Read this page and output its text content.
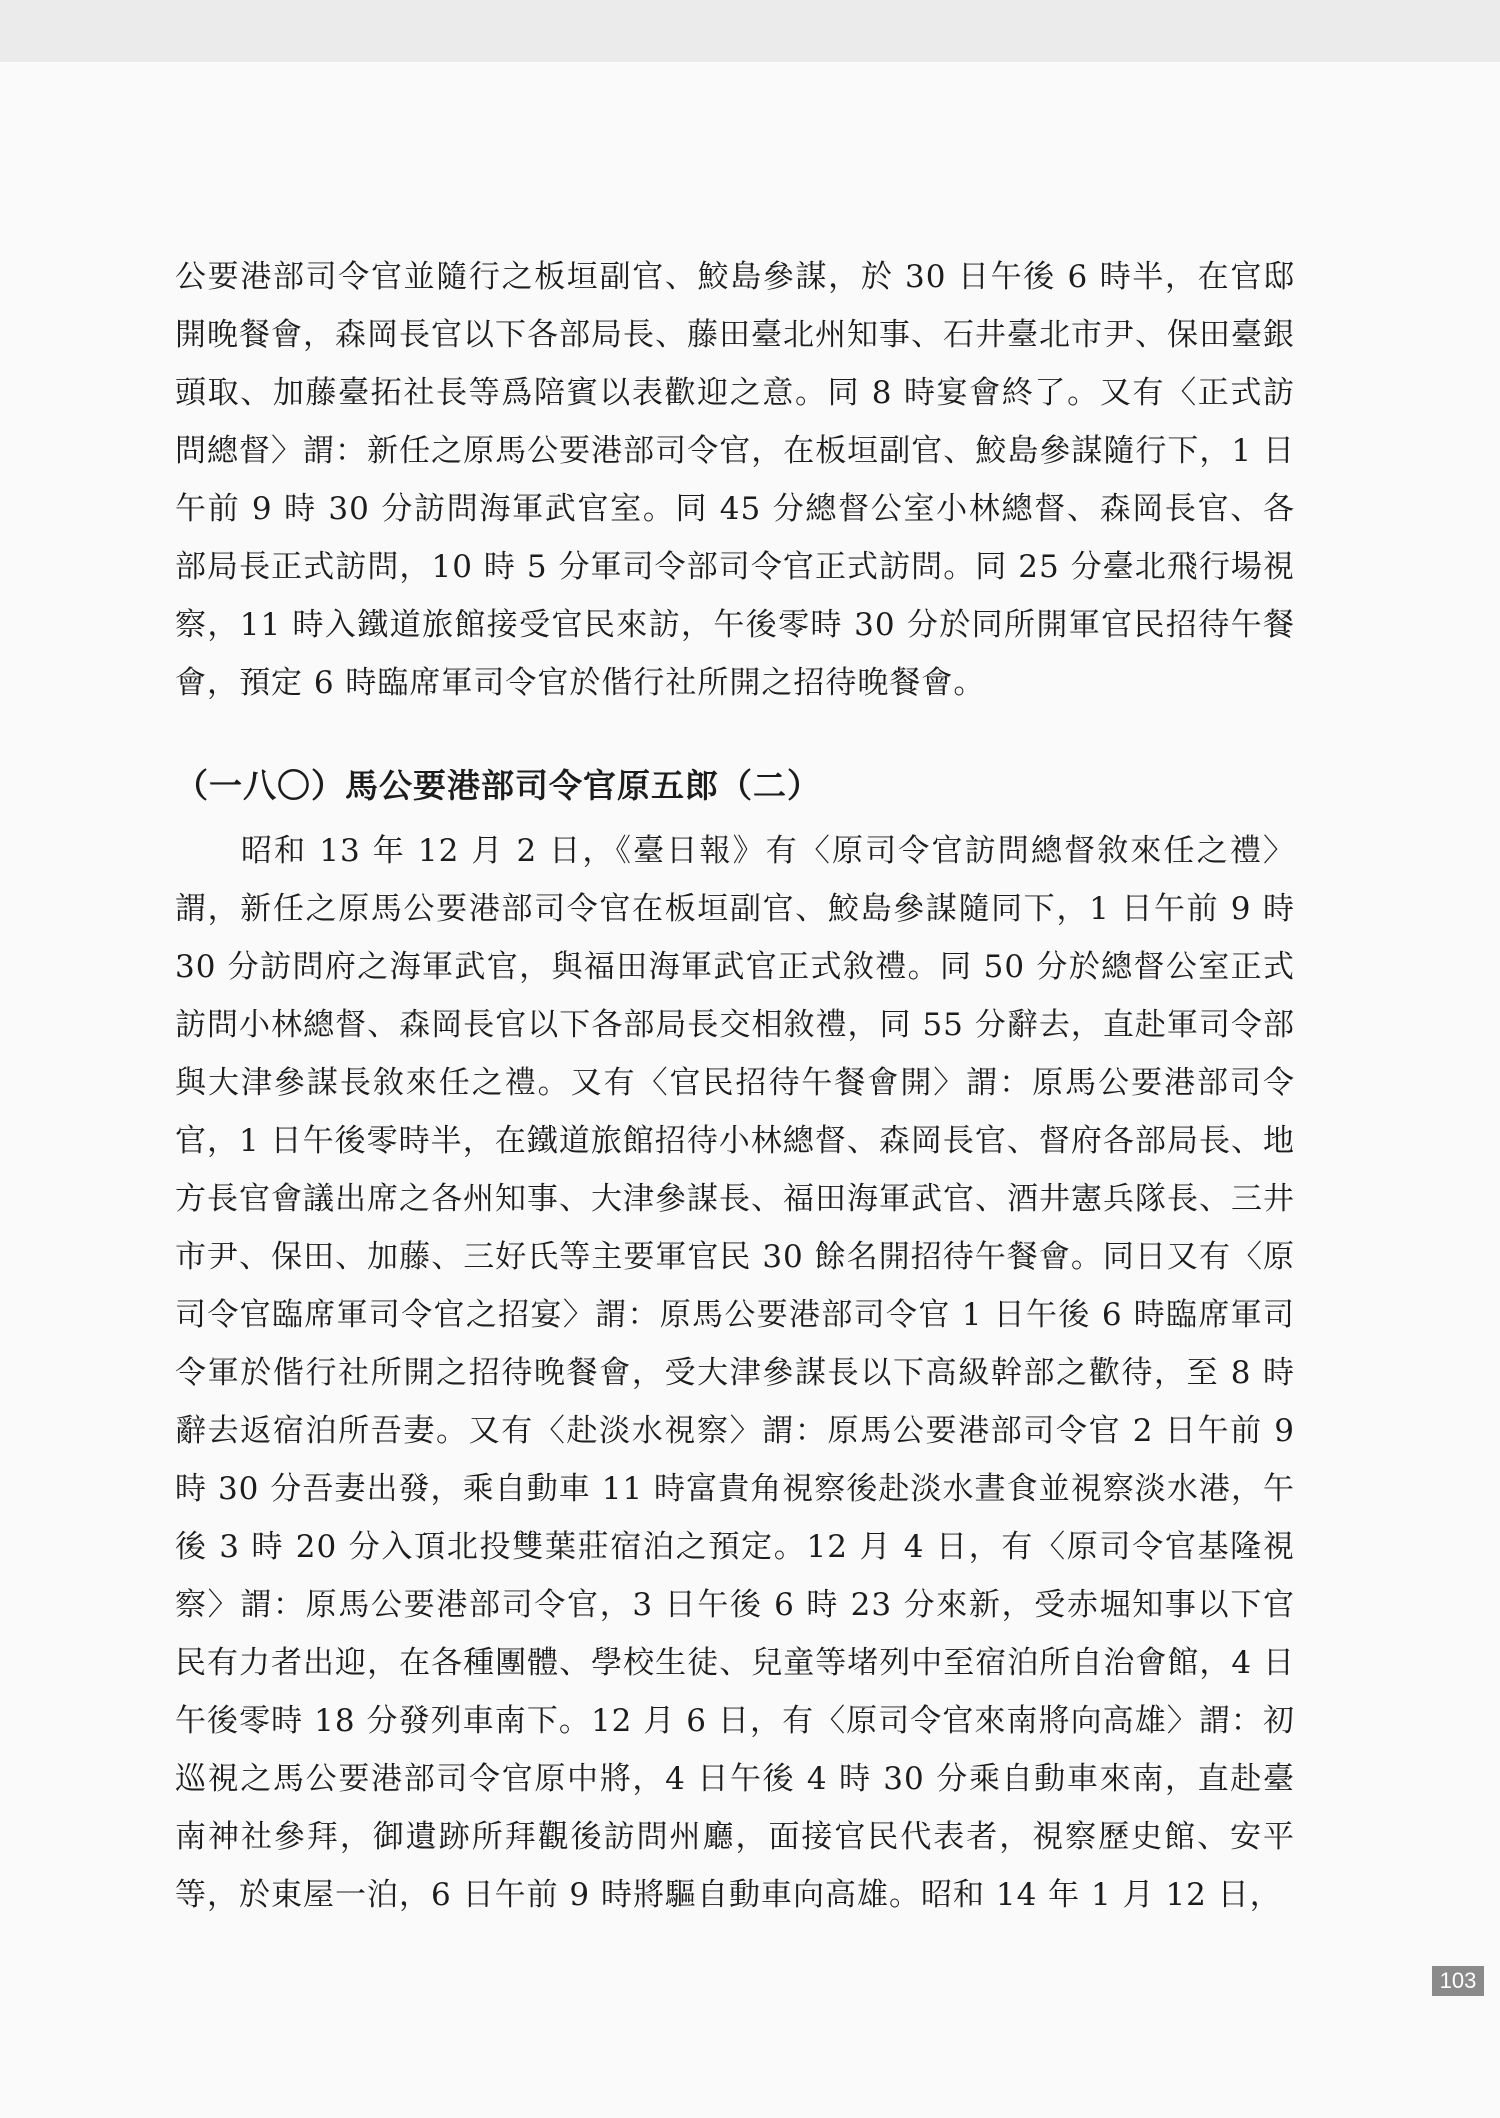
公要港部司令官並隨行之板垣副官、鮫島參謀，於 30 日午後 6 時半，在官邸開晚餐會，森岡長官以下各部局長、藤田臺北州知事、石井臺北市尹、保田臺銀頭取、加藤臺拓社長等爲陪賓以表歡迎之意。同 8 時宴會終了。又有〈正式訪問總督〉謂：新任之原馬公要港部司令官，在板垣副官、鮫島參謀隨行下，1 日午前 9 時 30 分訪問海軍武官室。同 45 分總督公室小林總督、森岡長官、各部局長正式訪問，10 時 5 分軍司令部司令官正式訪問。同 25 分臺北飛行場視察，11 時入鐵道旅館接受官民來訪，午後零時 30 分於同所開軍官民招待午餐會，預定 6 時臨席軍司令官於偕行社所開之招待晚餐會。

（一八〇）馬公要港部司令官原五郎（二）

昭和 13 年 12 月 2 日，《臺日報》有〈原司令官訪問總督敘來任之禮〉謂，新任之原馬公要港部司令官在板垣副官、鮫島參謀隨同下，1 日午前 9 時 30 分訪問府之海軍武官，與福田海軍武官正式敘禮。同 50 分於總督公室正式訪問小林總督、森岡長官以下各部局長交相敘禮，同 55 分辭去，直赴軍司令部與大津參謀長敘來任之禮。又有〈官民招待午餐會開〉謂：原馬公要港部司令官，1 日午後零時半，在鐵道旅館招待小林總督、森岡長官、督府各部局長、地方長官會議出席之各州知事、大津參謀長、福田海軍武官、酒井憲兵隊長、三井市尹、保田、加藤、三好氏等主要軍官民 30 餘名開招待午餐會。同日又有〈原司令官臨席軍司令官之招宴〉謂：原馬公要港部司令官 1 日午後 6 時臨席軍司令軍於偕行社所開之招待晚餐會，受大津參謀長以下高級幹部之歡待，至 8 時辭去返宿泊所吾妻。又有〈赴淡水視察〉謂：原馬公要港部司令官 2 日午前 9 時 30 分吾妻出發，乘自動車 11 時富貴角視察後赴淡水晝食並視察淡水港，午後 3 時 20 分入頂北投雙葉莊宿泊之預定。12 月 4 日，有〈原司令官基隆視察〉謂：原馬公要港部司令官，3 日午後 6 時 23 分來新，受赤堀知事以下官民有力者出迎，在各種團體、學校生徒、兒童等堵列中至宿泊所自治會館，4 日午後零時 18 分發列車南下。12 月 6 日，有〈原司令官來南將向高雄〉謂：初巡視之馬公要港部司令官原中將，4 日午後 4 時 30 分乘自動車來南，直赴臺南神社參拜，御遺跡所拜觀後訪問州廳，面接官民代表者，視察歷史館、安平等，於東屋一泊，6 日午前 9 時將驅自動車向高雄。昭和 14 年 1 月 12 日，

103
